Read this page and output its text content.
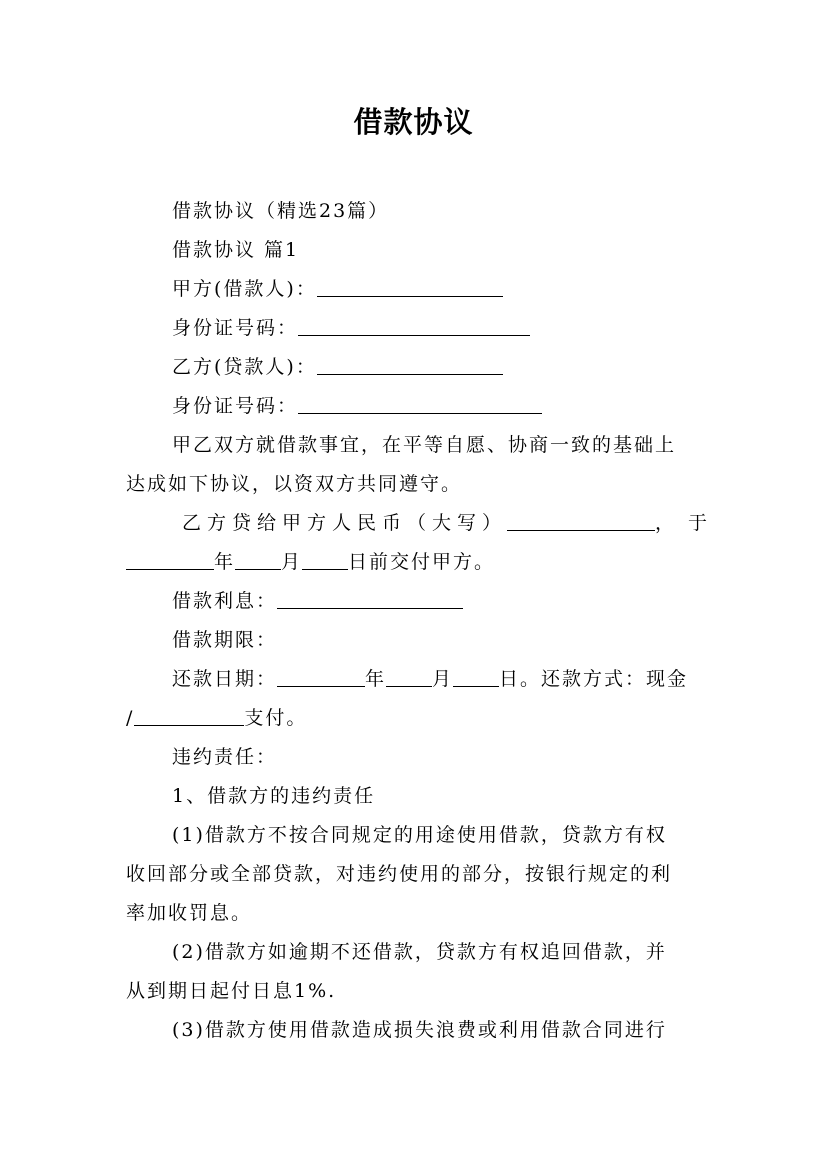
借款协议
借款协议（精选23篇）
借款协议 篇1
甲方(借款人)：
身份证号码：
乙方(贷款人)：
身份证号码：
甲乙双方就借款事宜，在平等自愿、协商一致的基础上
达成如下协议，以资双方共同遵守。
乙方贷给甲方人民币（大写）	，于
年 月 日前交付甲方。
借款利息：
借款期限：
还款日期：	年 月 日。还款方式：现金
/	支付。
违约责任：
1、借款方的违约责任
(1)借款方不按合同规定的用途使用借款，贷款方有权
收回部分或全部贷款，对违约使用的部分，按银行规定的利
率加收罚息。
(2)借款方如逾期不还借款，贷款方有权追回借款，并
从到期日起付日息1%.
(3)借款方使用借款造成损失浪费或利用借款合同进行
